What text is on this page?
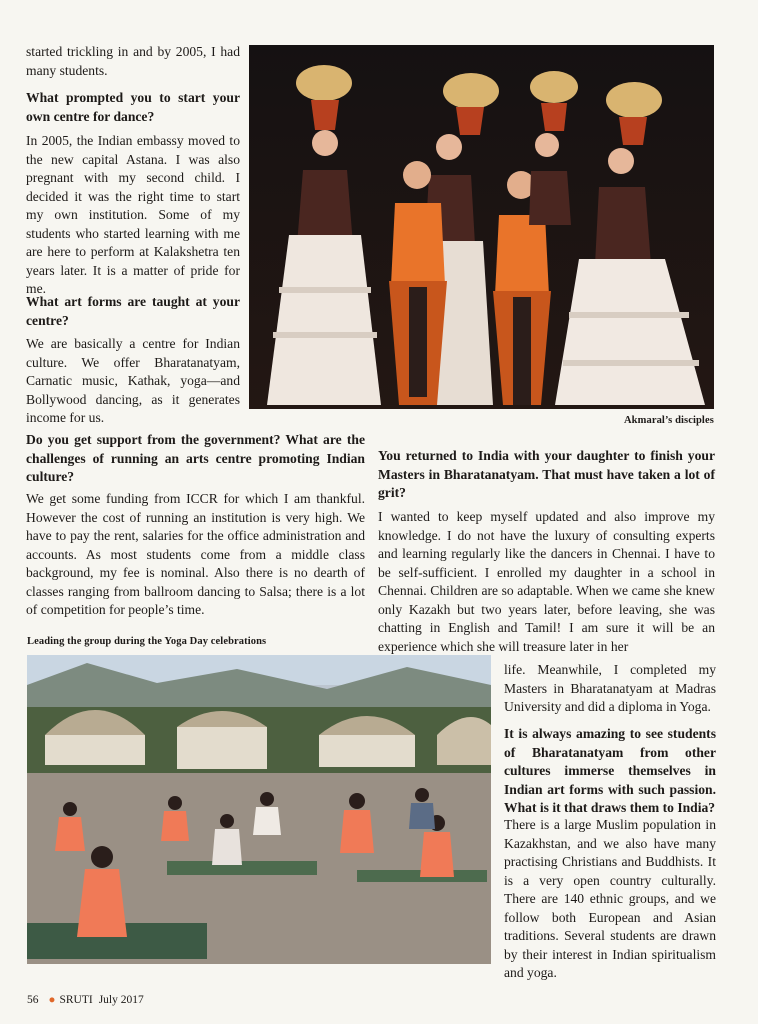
started trickling in and by 2005, I had many students.

What prompted you to start your own centre for dance?

In 2005, the Indian embassy moved to the new capital Astana. I was also pregnant with my second child. I decided it was the right time to start my own institution. Some of my students who started learning with me are here to perform at Kalakshetra ten years later. It is a matter of pride for me.

What art forms are taught at your centre?

We are basically a centre for Indian culture. We offer Bharatanatyam, Carnatic music, Kathak, yoga—and Bollywood dancing, as it generates income for us.

Do you get support from the government? What are the challenges of running an arts centre promoting Indian culture?

We get some funding from ICCR for which I am thankful. However the cost of running an institution is very high. We have to pay the rent, salaries for the office administration and accounts. As most students come from a middle class background, my fee is nominal. Also there is no dearth of classes ranging from ballroom dancing to Salsa; there is a lot of competition for people’s time.

Akmaral’s disciples

You returned to India with your daughter to finish your Masters in Bharatanatyam. That must have taken a lot of grit?

I wanted to keep myself updated and also improve my knowledge. I do not have the luxury of consulting experts and learning regularly like the dancers in Chennai. I have to be self-sufficient. I enrolled my daughter in a school in Chennai. Children are so adaptable. When we came she knew only Kazakh but two years later, before leaving, she was chatting in English and Tamil! I am sure it will be an experience which she will treasure later in her

Leading the group during the Yoga Day celebrations

life. Meanwhile, I completed my Masters in Bharatanatyam at Madras University and did a diploma in Yoga.

It is always amazing to see students of Bharatanatyam from other cultures immerse themselves in Indian art forms with such passion. What is it that draws them to India?

There is a large Muslim population in Kazakhstan, and we also have many practising Christians and Buddhists. It is a very open country culturally. There are 140 ethnic groups, and we follow both European and Asian traditions. Several students are drawn by their interest in Indian spiritualism and yoga.

56 ● SRUTI July 2017
